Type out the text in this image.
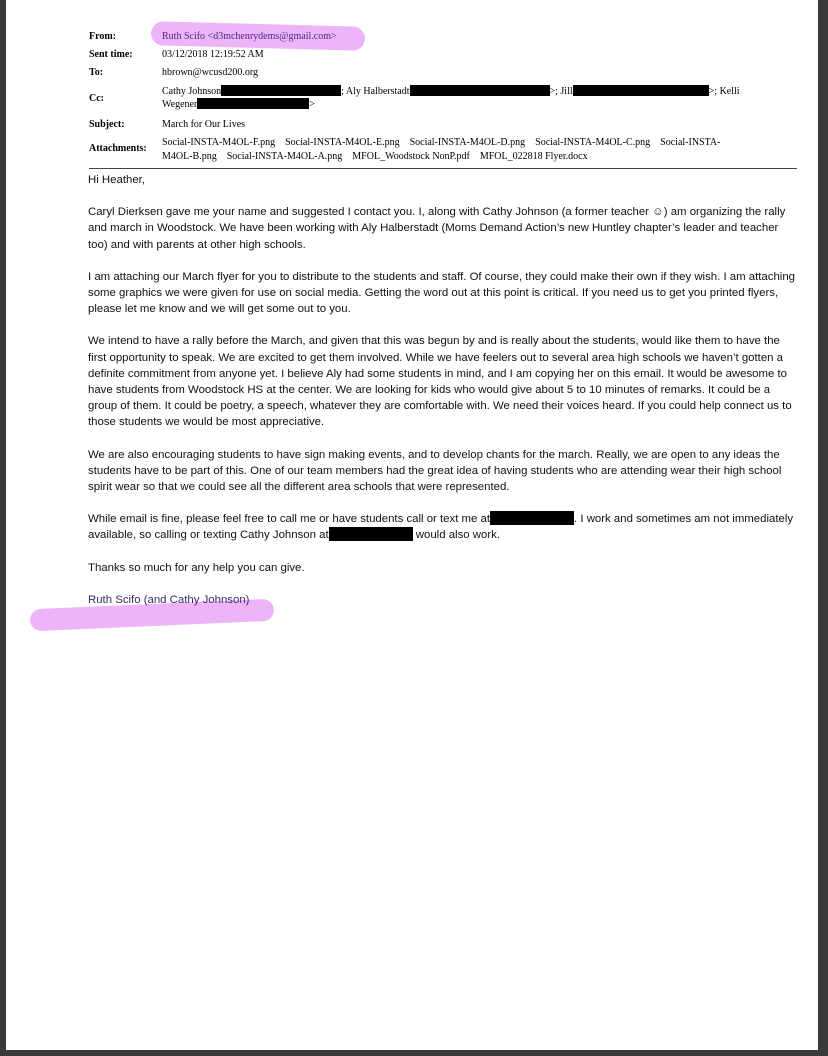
From:	Ruth Scifo <d3mchenrydems@gmail.com>
Sent time:	03/12/2018 12:19:52 AM
To:	hbrown@wcusd200.org
Cc:
Cathy Johnson	; Aly Halberstadt	>; Jill	>; Kelli
Wegener	>
Subject:	March for Our Lives
Attachments:
Social-INSTA-M4OL-F.png    Social-INSTA-M4OL-E.png    Social-INSTA-M4OL-D.png    Social-INSTA-M4OL-C.png    Social-INSTA-
M4OL-B.png    Social-INSTA-M4OL-A.png    MFOL_Woodstock NonP.pdf    MFOL_022818 Flyer.docx

Hi Heather,

Caryl Dierksen gave me your name and suggested I contact you. I, along with Cathy Johnson (a former teacher ☺) am organizing the rally and march in Woodstock. We have been working with Aly Halberstadt (Moms Demand Action’s new Huntley chapter’s leader and teacher too) and with parents at other high schools.

I am attaching our March flyer for you to distribute to the students and staff. Of course, they could make their own if they wish. I am attaching some graphics we were given for use on social media. Getting the word out at this point is critical. If you need us to get you printed flyers, please let me know and we will get some out to you.

We intend to have a rally before the March, and given that this was begun by and is really about the students, would like them to have the first opportunity to speak. We are excited to get them involved. While we have feelers out to several area high schools we haven’t gotten a definite commitment from anyone yet. I believe Aly had some students in mind, and I am copying her on this email. It would be awesome to have students from Woodstock HS at the center. We are looking for kids who would give about 5 to 10 minutes of remarks. It could be a group of them. It could be poetry, a speech, whatever they are comfortable with. We need their voices heard. If you could help connect us to those students we would be most appreciative.

We are also encouraging students to have sign making events, and to develop chants for the march. Really, we are open to any ideas the students have to be part of this. One of our team members had the great idea of having students who are attending wear their high school spirit wear so that we could see all the different area schools that were represented.

While email is fine, please feel free to call me or have students call or text me at	. I work and sometimes am not immediately available, so calling or texting Cathy Johnson at	would also work.

Thanks so much for any help you can give.

Ruth Scifo (and Cathy Johnson)
